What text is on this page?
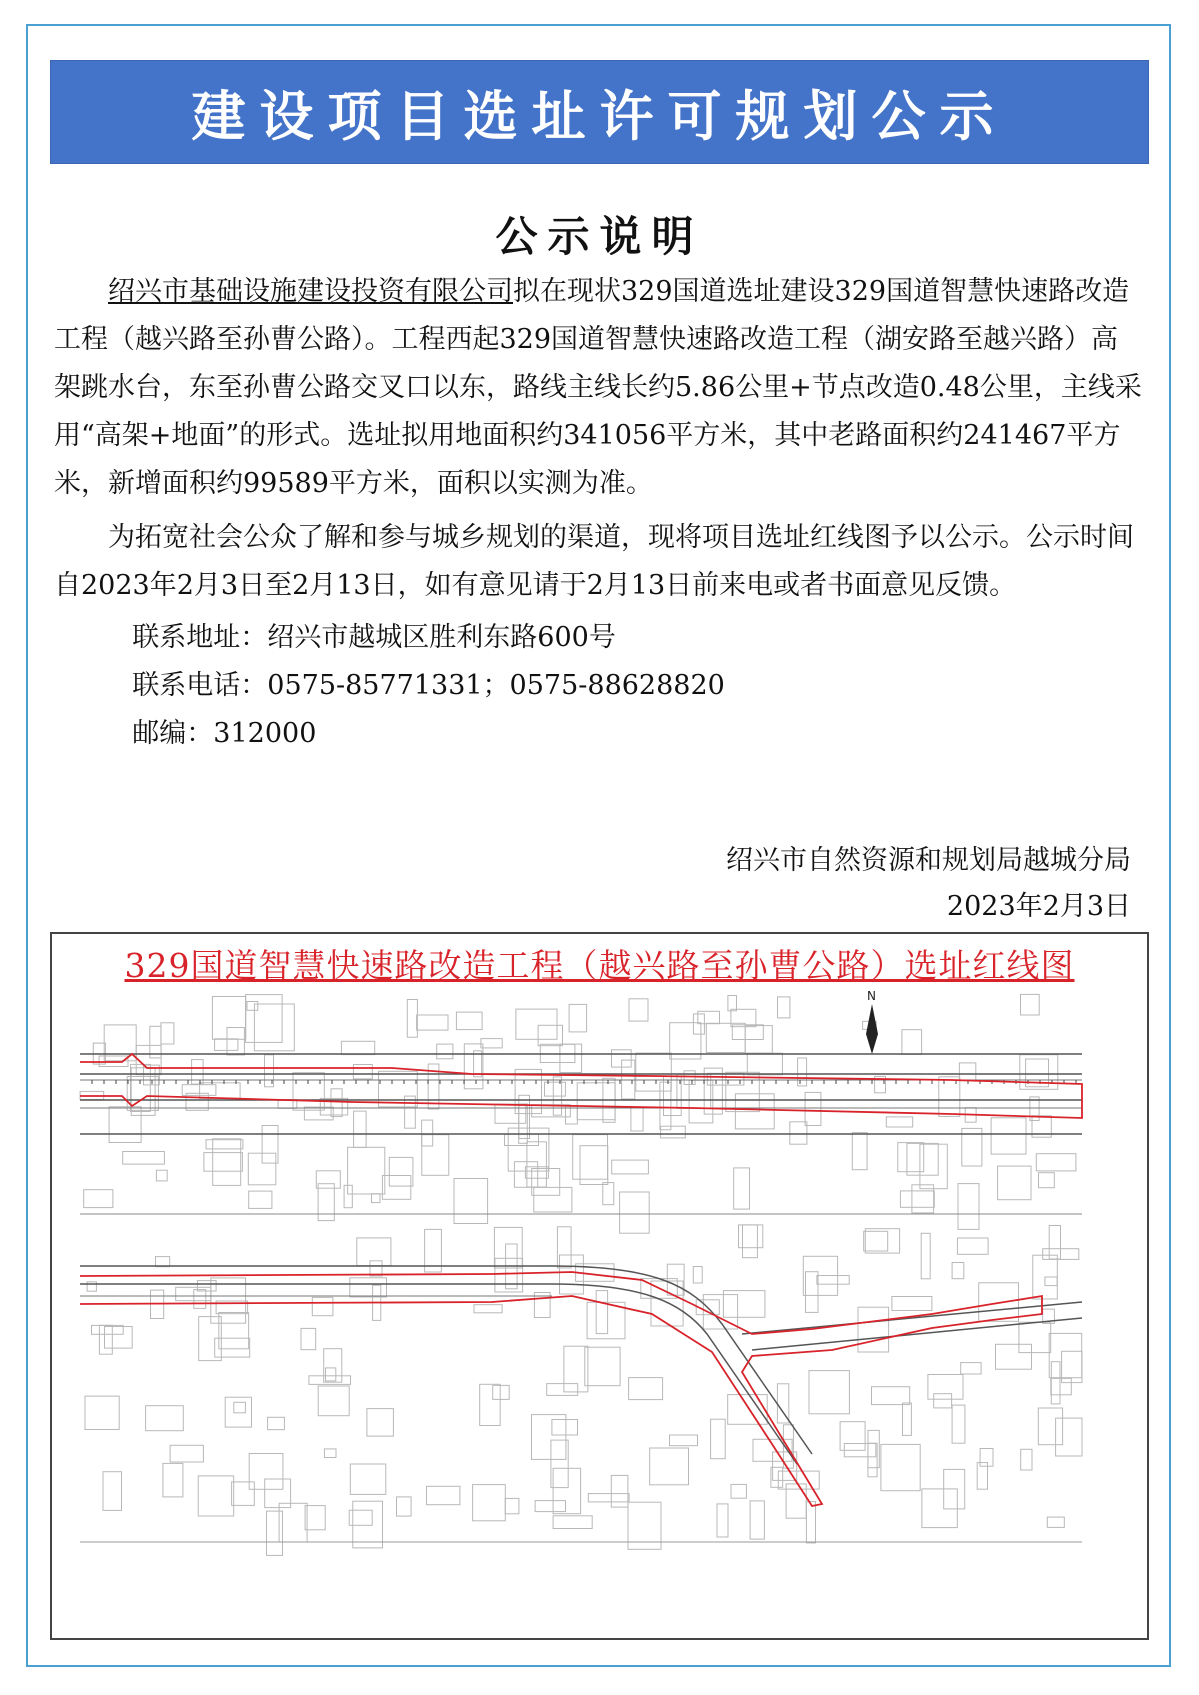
建设项目选址许可规划公示
公示说明

绍兴市基础设施建设投资有限公司拟在现状329国道选址建设329国道智慧快速路改造工程（越兴路至孙曹公路）。工程西起329国道智慧快速路改造工程（湖安路至越兴路）高架跳水台，东至孙曹公路交叉口以东，路线主线长约5.86公里+节点改造0.48公里，主线采用“高架+地面”的形式。选址拟用地面积约341056平方米，其中老路面积约241467平方米，新增面积约99589平方米，面积以实测为准。

为拓宽社会公众了解和参与城乡规划的渠道，现将项目选址红线图予以公示。公示时间自2023年2月3日至2月13日，如有意见请于2月13日前来电或者书面意见反馈。

联系地址：绍兴市越城区胜利东路600号

联系电话：0575-85771331；0575-88628820

邮编：312000

绍兴市自然资源和规划局越城分局
2023年2月3日
329国道智慧快速路改造工程（越兴路至孙曹公路）选址红线图
N
